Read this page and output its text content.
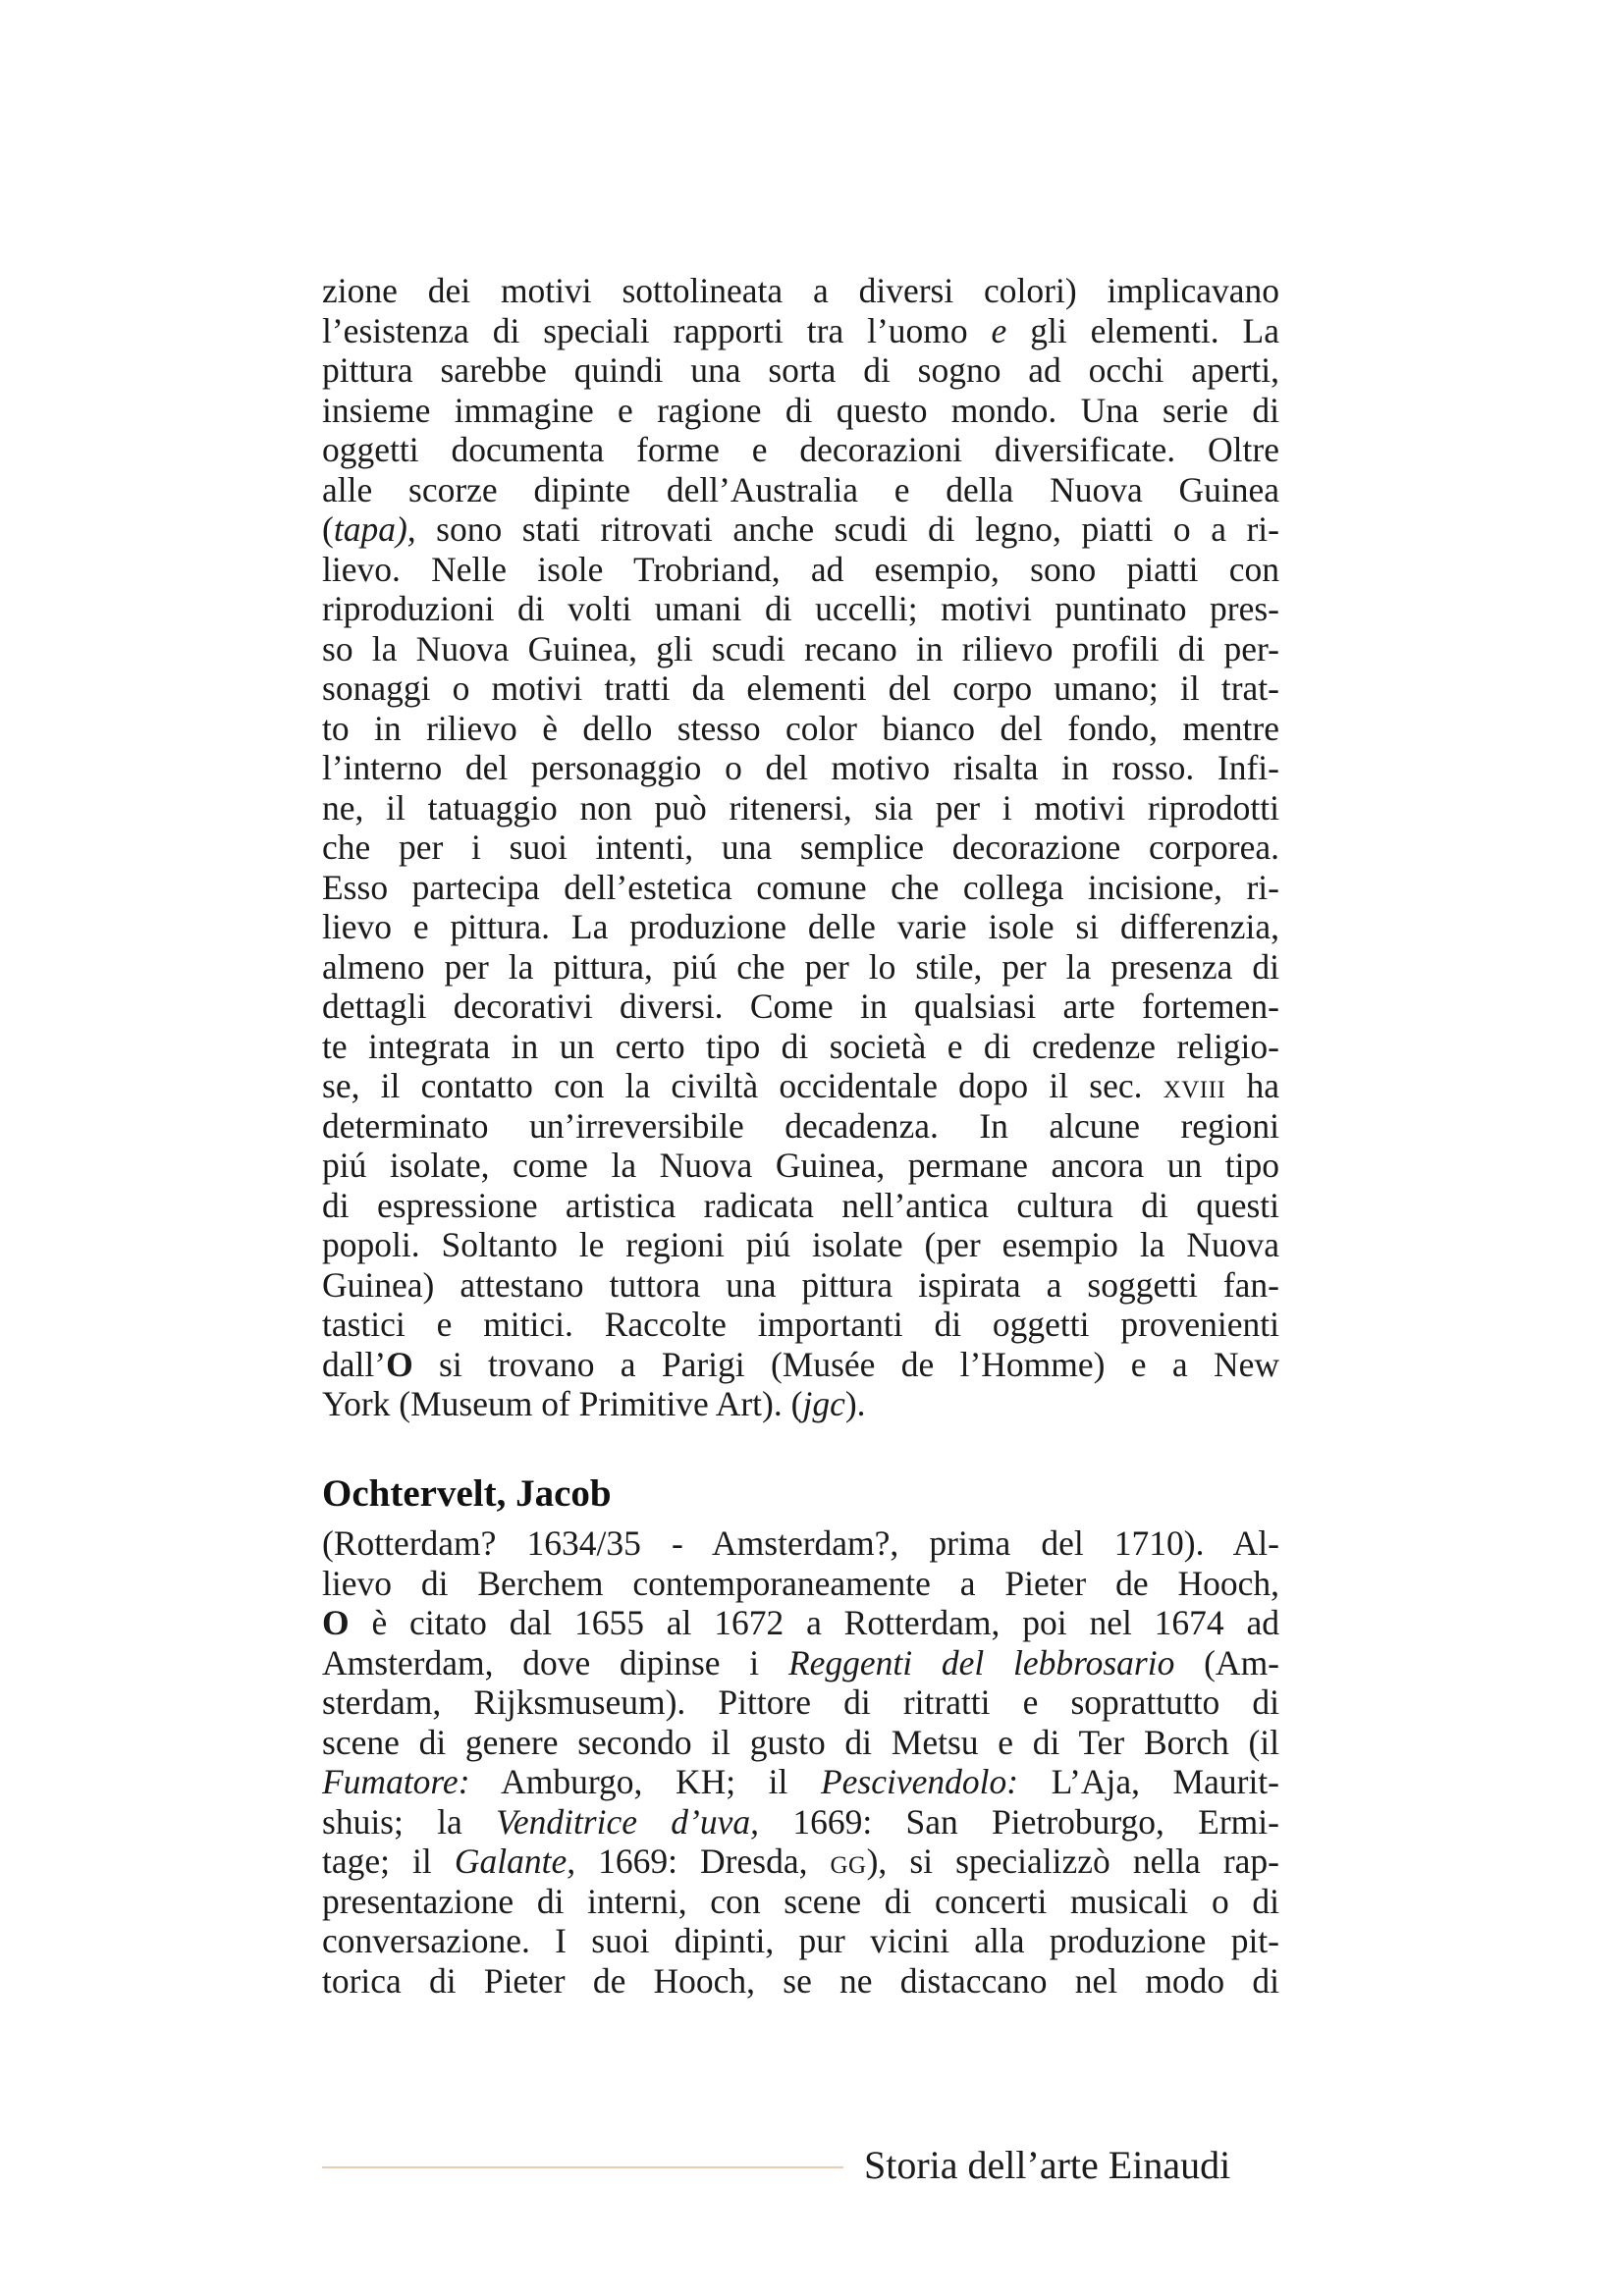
zione dei motivi sottolineata a diversi colori) implicavano
l’esistenza di speciali rapporti tra l’uomo e gli elementi. La
pittura sarebbe quindi una sorta di sogno ad occhi aperti,
insieme immagine e ragione di questo mondo. Una serie di
oggetti documenta forme e decorazioni diversificate. Oltre
alle scorze dipinte dell’Australia e della Nuova Guinea
(tapa), sono stati ritrovati anche scudi di legno, piatti o a ri-
lievo. Nelle isole Trobriand, ad esempio, sono piatti con
riproduzioni di volti umani di uccelli; motivi puntinato pres-
so la Nuova Guinea, gli scudi recano in rilievo profili di per-
sonaggi o motivi tratti da elementi del corpo umano; il trat-
to in rilievo è dello stesso color bianco del fondo, mentre
l’interno del personaggio o del motivo risalta in rosso. Infi-
ne, il tatuaggio non può ritenersi, sia per i motivi riprodotti
che per i suoi intenti, una semplice decorazione corporea.
Esso partecipa dell’estetica comune che collega incisione, ri-
lievo e pittura. La produzione delle varie isole si differenzia,
almeno per la pittura, piú che per lo stile, per la presenza di
dettagli decorativi diversi. Come in qualsiasi arte fortemen-
te integrata in un certo tipo di società e di credenze religio-
se, il contatto con la civiltà occidentale dopo il sec. xviii ha
determinato un’irreversibile decadenza. In alcune regioni
piú isolate, come la Nuova Guinea, permane ancora un tipo
di espressione artistica radicata nell’antica cultura di questi
popoli. Soltanto le regioni piú isolate (per esempio la Nuova
Guinea) attestano tuttora una pittura ispirata a soggetti fan-
tastici e mitici. Raccolte importanti di oggetti provenienti
dall’O si trovano a Parigi (Musée de l’Homme) e a New
York (Museum of Primitive Art). (jgc).
Ochtervelt, Jacob
(Rotterdam? 1634/35 - Amsterdam?, prima del 1710). Al-
lievo di Berchem contemporaneamente a Pieter de Hooch,
O è citato dal 1655 al 1672 a Rotterdam, poi nel 1674 ad
Amsterdam, dove dipinse i Reggenti del lebbrosario (Am-
sterdam, Rijksmuseum). Pittore di ritratti e soprattutto di
scene di genere secondo il gusto di Metsu e di Ter Borch (il
Fumatore: Amburgo, KH; il Pescivendolo: L’Aja, Maurit-
shuis; la Venditrice d’uva, 1669: San Pietroburgo, Ermi-
tage; il Galante, 1669: Dresda, gg), si specializzò nella rap-
presentazione di interni, con scene di concerti musicali o di
conversazione. I suoi dipinti, pur vicini alla produzione pit-
torica di Pieter de Hooch, se ne distaccano nel modo di
Storia dell’arte Einaudi
